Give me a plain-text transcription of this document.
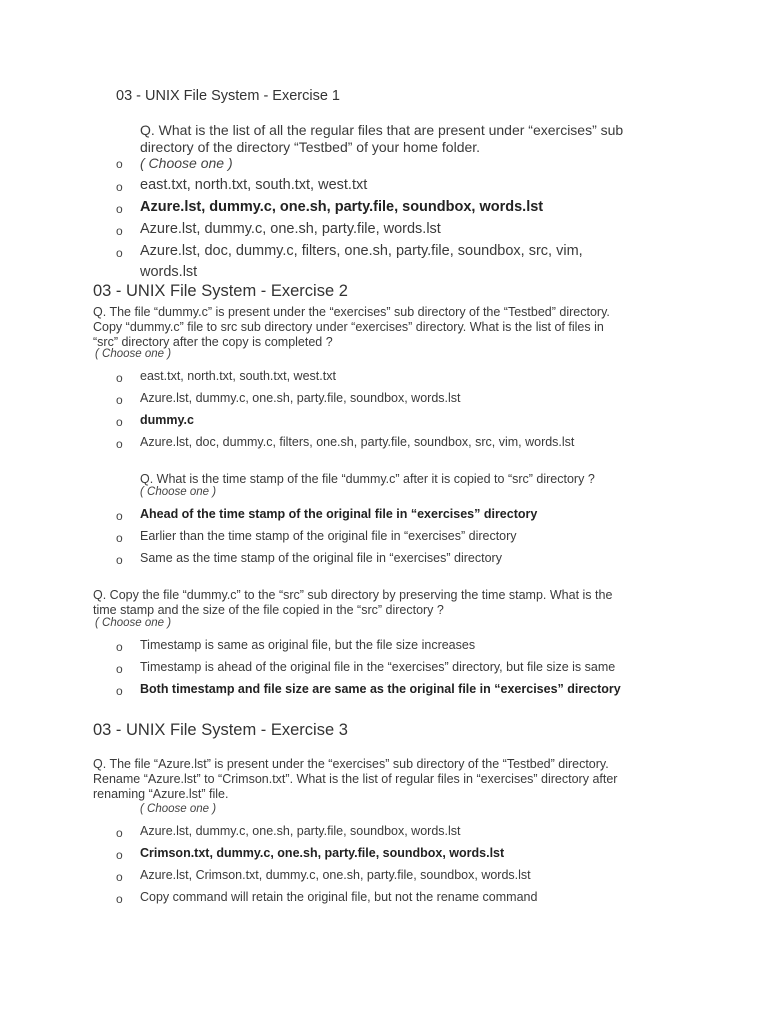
03 - UNIX File System - Exercise 1
Q. What is the list of all the regular files that are present under “exercises” sub directory of the directory “Testbed” of your home folder.
o ( Choose one )
o east.txt, north.txt, south.txt, west.txt
o Azure.lst, dummy.c, one.sh, party.file, soundbox, words.lst
o Azure.lst, dummy.c, one.sh, party.file, words.lst
o Azure.lst, doc, dummy.c, filters, one.sh, party.file, soundbox, src, vim,
words.lst
03 - UNIX File System - Exercise 2
Q. The file “dummy.c” is present under the “exercises” sub directory of the “Testbed” directory.
Copy “dummy.c” file to src sub directory under “exercises” directory. What is the list of files in
“src” directory after the copy is completed ?
( Choose one )
o east.txt, north.txt, south.txt, west.txt
o Azure.lst, dummy.c, one.sh, party.file, soundbox, words.lst
o dummy.c
o Azure.lst, doc, dummy.c, filters, one.sh, party.file, soundbox, src, vim, words.lst
Q. What is the time stamp of the file “dummy.c” after it is copied to “src” directory ?
( Choose one )
o Ahead of the time stamp of the original file in “exercises” directory
o Earlier than the time stamp of the original file in “exercises” directory
o Same as the time stamp of the original file in “exercises” directory
Q. Copy the file “dummy.c” to the “src” sub directory by preserving the time stamp. What is the
time stamp and the size of the file copied in the “src” directory ?
( Choose one )
o Timestamp is same as original file, but the file size increases
o Timestamp is ahead of the original file in the “exercises” directory, but file size is same
o Both timestamp and file size are same as the original file in “exercises” directory
03 - UNIX File System - Exercise 3
Q. The file “Azure.lst” is present under the “exercises” sub directory of the “Testbed” directory.
Rename “Azure.lst” to “Crimson.txt”. What is the list of regular files in “exercises” directory after
renaming “Azure.lst” file.
( Choose one )
o Azure.lst, dummy.c, one.sh, party.file, soundbox, words.lst
o Crimson.txt, dummy.c, one.sh, party.file, soundbox, words.lst
o Azure.lst, Crimson.txt, dummy.c, one.sh, party.file, soundbox, words.lst
o Copy command will retain the original file, but not the rename command
